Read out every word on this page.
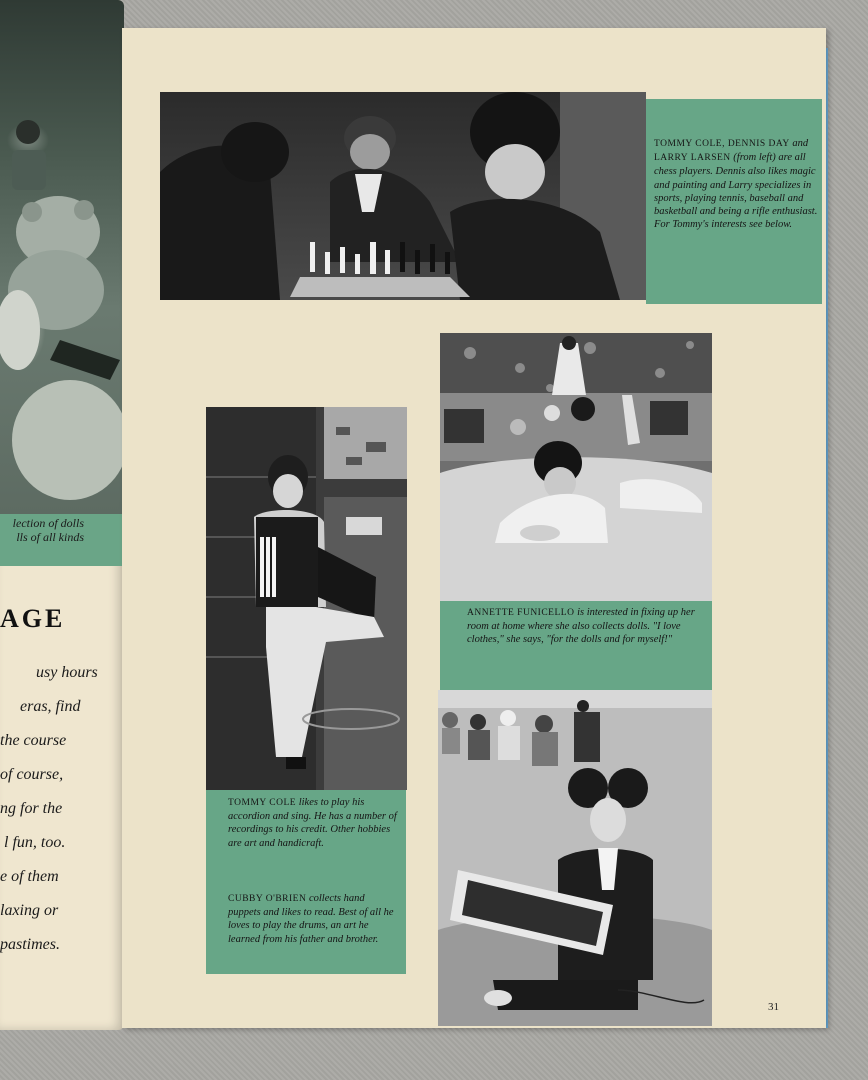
lection of dolls
lls of all kinds
AGE
usy hours
eras, find
the course
of course,
ng for the
l fun, too.
e of them
laxing or
pastimes.
TOMMY COLE, DENNIS DAY and LARRY LARSEN (from left) are all chess players. Dennis also likes magic and painting and Larry specializes in sports, playing tennis, baseball and basketball and being a rifle enthusiast. For Tommy's interests see below.
ANNETTE FUNICELLO is interested in fixing up her room at home where she also collects dolls. "I love clothes," she says, "for the dolls and for myself!"
TOMMY COLE likes to play his accordion and sing. He has a number of recordings to his credit. Other hobbies are art and handicraft.
CUBBY O'BRIEN collects hand puppets and likes to read. Best of all he loves to play the drums, an art he learned from his father and brother.
31
